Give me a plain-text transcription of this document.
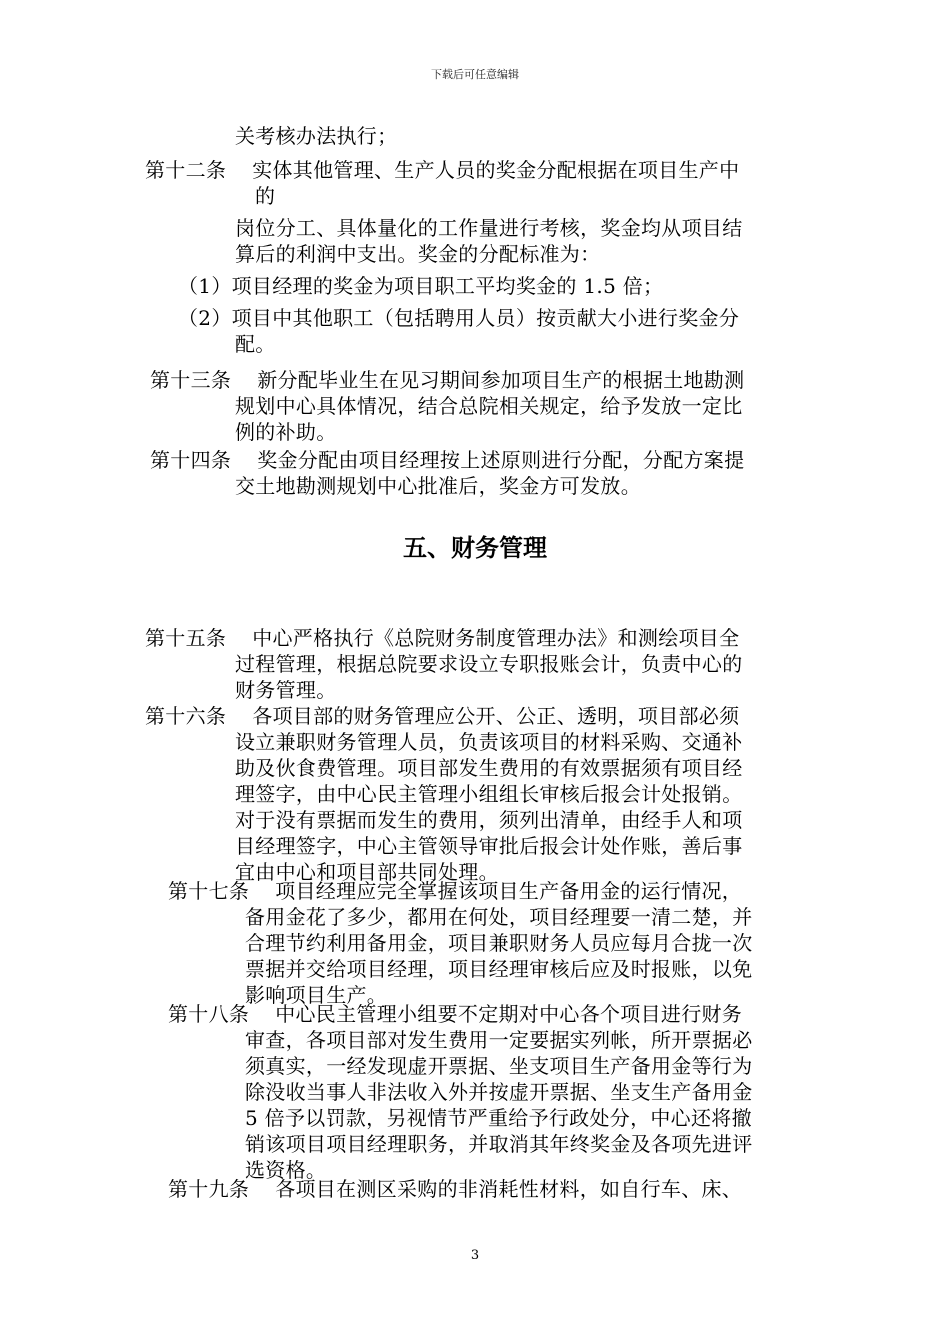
下载后可任意编辑
关考核办法执行；
第十二条 实体其他管理、生产人员的奖金分配根据在项目生产中
的
岗位分工、具体量化的工作量进行考核，奖金均从项目结
算后的利润中支出。奖金的分配标准为：
（1）项目经理的奖金为项目职工平均奖金的 1.5 倍；
（2）项目中其他职工（包括聘用人员）按贡献大小进行奖金分
配。
第十三条 新分配毕业生在见习期间参加项目生产的根据土地勘测
规划中心具体情况，结合总院相关规定，给予发放一定比
例的补助。
第十四条 奖金分配由项目经理按上述原则进行分配，分配方案提
交土地勘测规划中心批准后，奖金方可发放。
五、财务管理
第十五条 中心严格执行《总院财务制度管理办法》和测绘项目全
过程管理，根据总院要求设立专职报账会计，负责中心的
财务管理。
第十六条 各项目部的财务管理应公开、公正、透明，项目部必须
设立兼职财务管理人员，负责该项目的材料采购、交通补
助及伙食费管理。项目部发生费用的有效票据须有项目经
理签字，由中心民主管理小组组长审核后报会计处报销。
对于没有票据而发生的费用，须列出清单，由经手人和项
目经理签字，中心主管领导审批后报会计处作账，善后事
宜由中心和项目部共同处理。
第十七条 项目经理应完全掌握该项目生产备用金的运行情况，
备用金花了多少，都用在何处，项目经理要一清二楚，并
合理节约利用备用金，项目兼职财务人员应每月合拢一次
票据并交给项目经理，项目经理审核后应及时报账，以免
影响项目生产。
第十八条 中心民主管理小组要不定期对中心各个项目进行财务
审查，各项目部对发生费用一定要据实列帐，所开票据必
须真实，一经发现虚开票据、坐支项目生产备用金等行为
除没收当事人非法收入外并按虚开票据、坐支生产备用金
5 倍予以罚款，另视情节严重给予行政处分，中心还将撤
销该项目项目经理职务，并取消其年终奖金及各项先进评
选资格。
第十九条 各项目在测区采购的非消耗性材料，如自行车、床、
3
